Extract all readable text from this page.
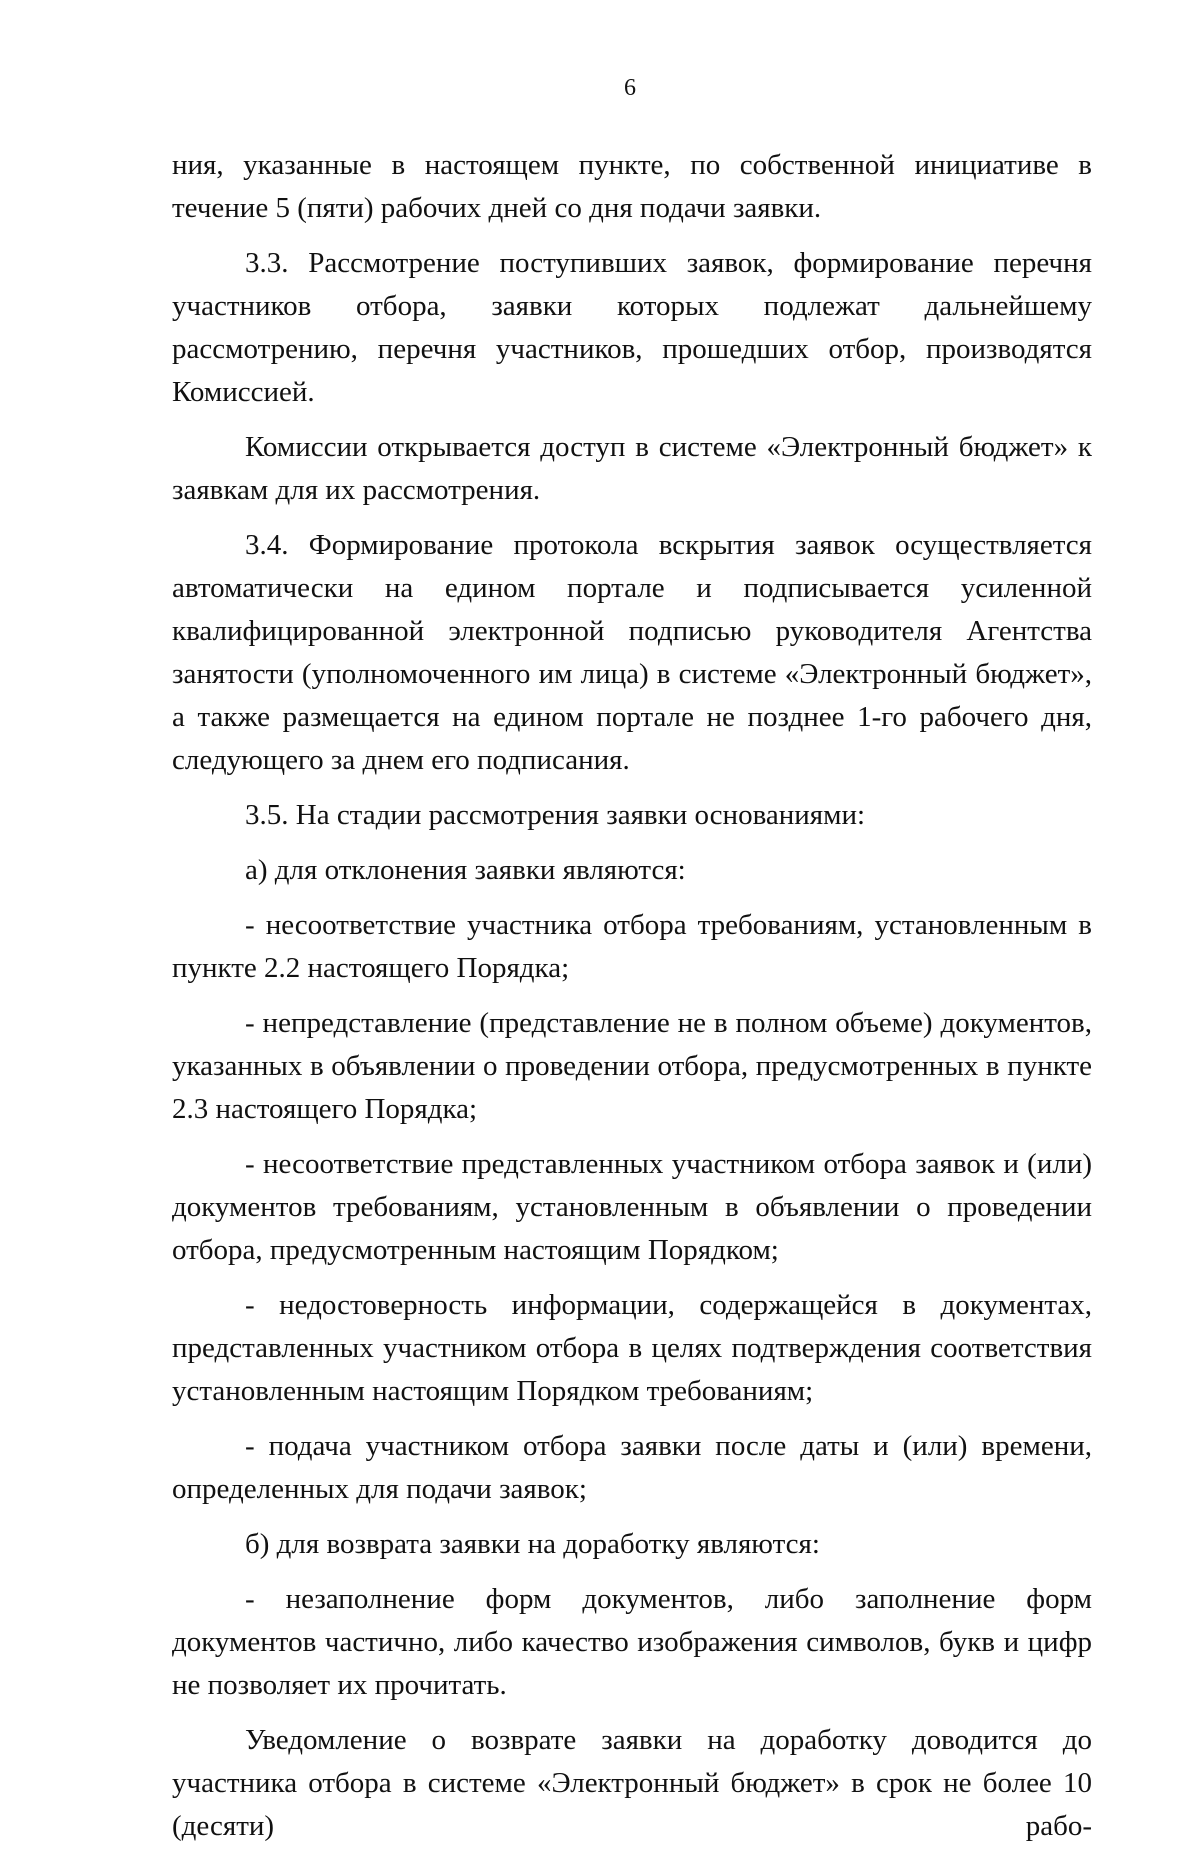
6

ния, указанные в настоящем пункте, по собственной инициативе в течение 5 (пяти) рабочих дней со дня подачи заявки.

3.3. Рассмотрение поступивших заявок, формирование перечня участников отбора, заявки которых подлежат дальнейшему рассмотрению, перечня участников, прошедших отбор, производятся Комиссией.

Комиссии открывается доступ в системе «Электронный бюджет» к заявкам для их рассмотрения.

3.4. Формирование протокола вскрытия заявок осуществляется автоматически на едином портале и подписывается усиленной квалифицированной электронной подписью руководителя Агентства занятости (уполномоченного им лица) в системе «Электронный бюджет», а также размещается на едином портале не позднее 1-го рабочего дня, следующего за днем его подписания.

3.5. На стадии рассмотрения заявки основаниями:

а) для отклонения заявки являются:

- несоответствие участника отбора требованиям, установленным в пункте 2.2 настоящего Порядка;

- непредставление (представление не в полном объеме) документов, указанных в объявлении о проведении отбора, предусмотренных в пункте 2.3 настоящего Порядка;

- несоответствие представленных участником отбора заявок и (или) документов требованиям, установленным в объявлении о проведении отбора, предусмотренным настоящим Порядком;

- недостоверность информации, содержащейся в документах, представленных участником отбора в целях подтверждения соответствия установленным настоящим Порядком требованиям;

- подача участником отбора заявки после даты и (или) времени, определенных для подачи заявок;

б) для возврата заявки на доработку являются:

- незаполнение форм документов, либо заполнение форм документов частично, либо качество изображения символов, букв и цифр не позволяет их прочитать.

Уведомление о возврате заявки на доработку доводится до участника отбора в системе «Электронный бюджет» в срок не более 10 (десяти) рабо-
